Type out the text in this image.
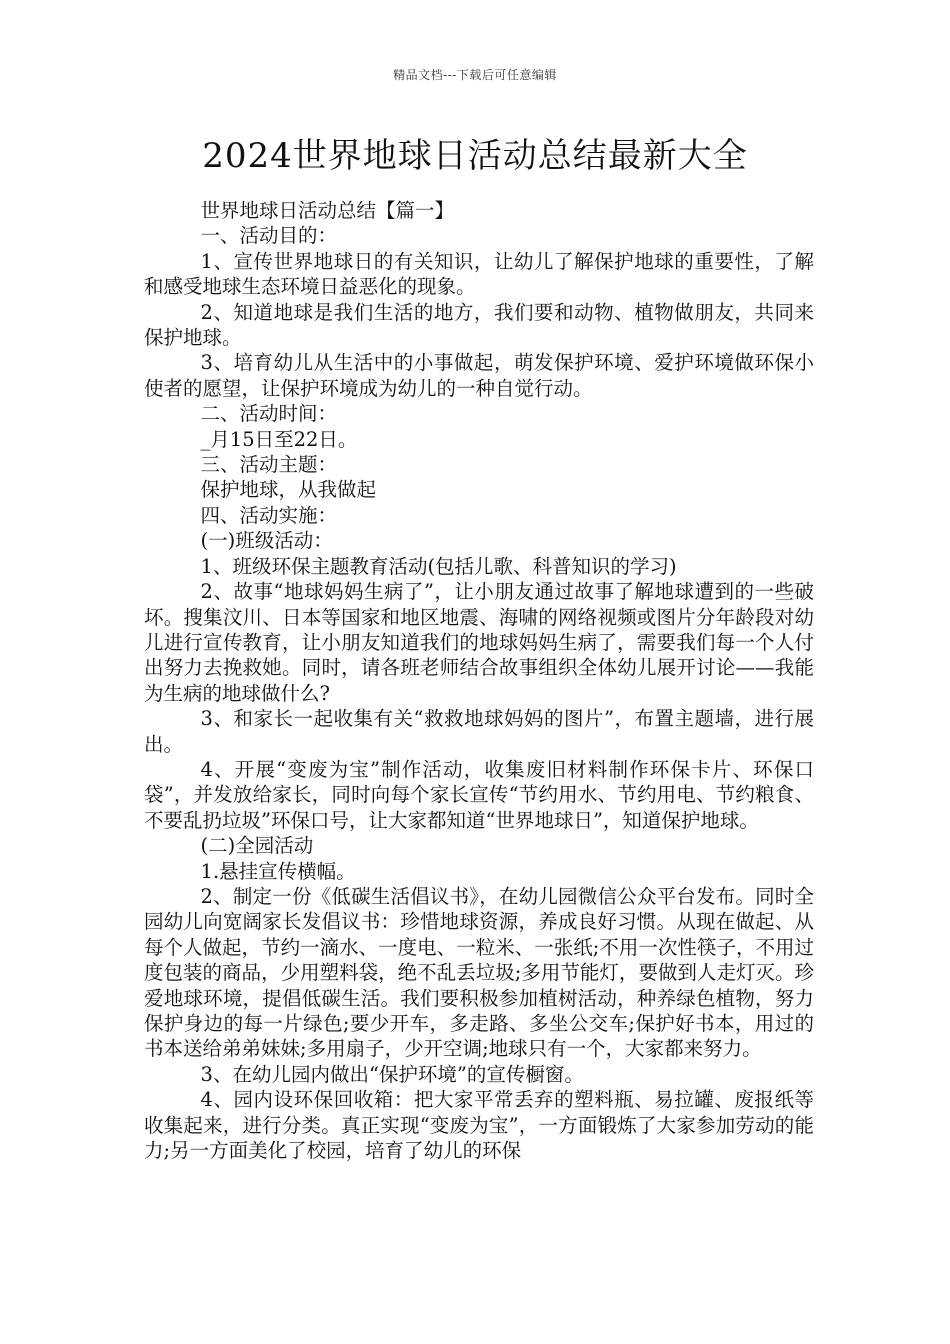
精品文档---下载后可任意编辑
2024世界地球日活动总结最新大全

世界地球日活动总结【篇一】

一、活动目的：

1、宣传世界地球日的有关知识，让幼儿了解保护地球的重要性，了解和感受地球生态环境日益恶化的现象。

2、知道地球是我们生活的地方，我们要和动物、植物做朋友，共同来保护地球。

3、培育幼儿从生活中的小事做起，萌发保护环境、爱护环境做环保小使者的愿望，让保护环境成为幼儿的一种自觉行动。

二、活动时间：

_月15日至22日。

三、活动主题：

保护地球，从我做起

四、活动实施：

(一)班级活动：

1、班级环保主题教育活动(包括儿歌、科普知识的学习)

2、故事“地球妈妈生病了”，让小朋友通过故事了解地球遭到的一些破坏。搜集汶川、日本等国家和地区地震、海啸的网络视频或图片分年龄段对幼儿进行宣传教育，让小朋友知道我们的地球妈妈生病了，需要我们每一个人付出努力去挽救她。同时，请各班老师结合故事组织全体幼儿展开讨论——我能为生病的地球做什么?

3、和家长一起收集有关“救救地球妈妈的图片”，布置主题墙，进行展出。

4、开展“变废为宝”制作活动，收集废旧材料制作环保卡片、环保口袋”，并发放给家长，同时向每个家长宣传“节约用水、节约用电、节约粮食、不要乱扔垃圾”环保口号，让大家都知道“世界地球日”，知道保护地球。

(二)全园活动

1.悬挂宣传横幅。

2、制定一份《低碳生活倡议书》，在幼儿园微信公众平台发布。同时全园幼儿向宽阔家长发倡议书：珍惜地球资源，养成良好习惯。从现在做起、从每个人做起，节约一滴水、一度电、一粒米、一张纸;不用一次性筷子，不用过度包装的商品，少用塑料袋，绝不乱丢垃圾;多用节能灯，要做到人走灯灭。珍爱地球环境，提倡低碳生活。我们要积极参加植树活动，种养绿色植物，努力保护身边的每一片绿色;要少开车，多走路、多坐公交车;保护好书本，用过的书本送给弟弟妹妹;多用扇子，少开空调;地球只有一个，大家都来努力。

3、在幼儿园内做出“保护环境”的宣传橱窗。

4、园内设环保回收箱：把大家平常丢弃的塑料瓶、易拉罐、废报纸等收集起来，进行分类。真正实现“变废为宝”，一方面锻炼了大家参加劳动的能力;另一方面美化了校园，培育了幼儿的环保
